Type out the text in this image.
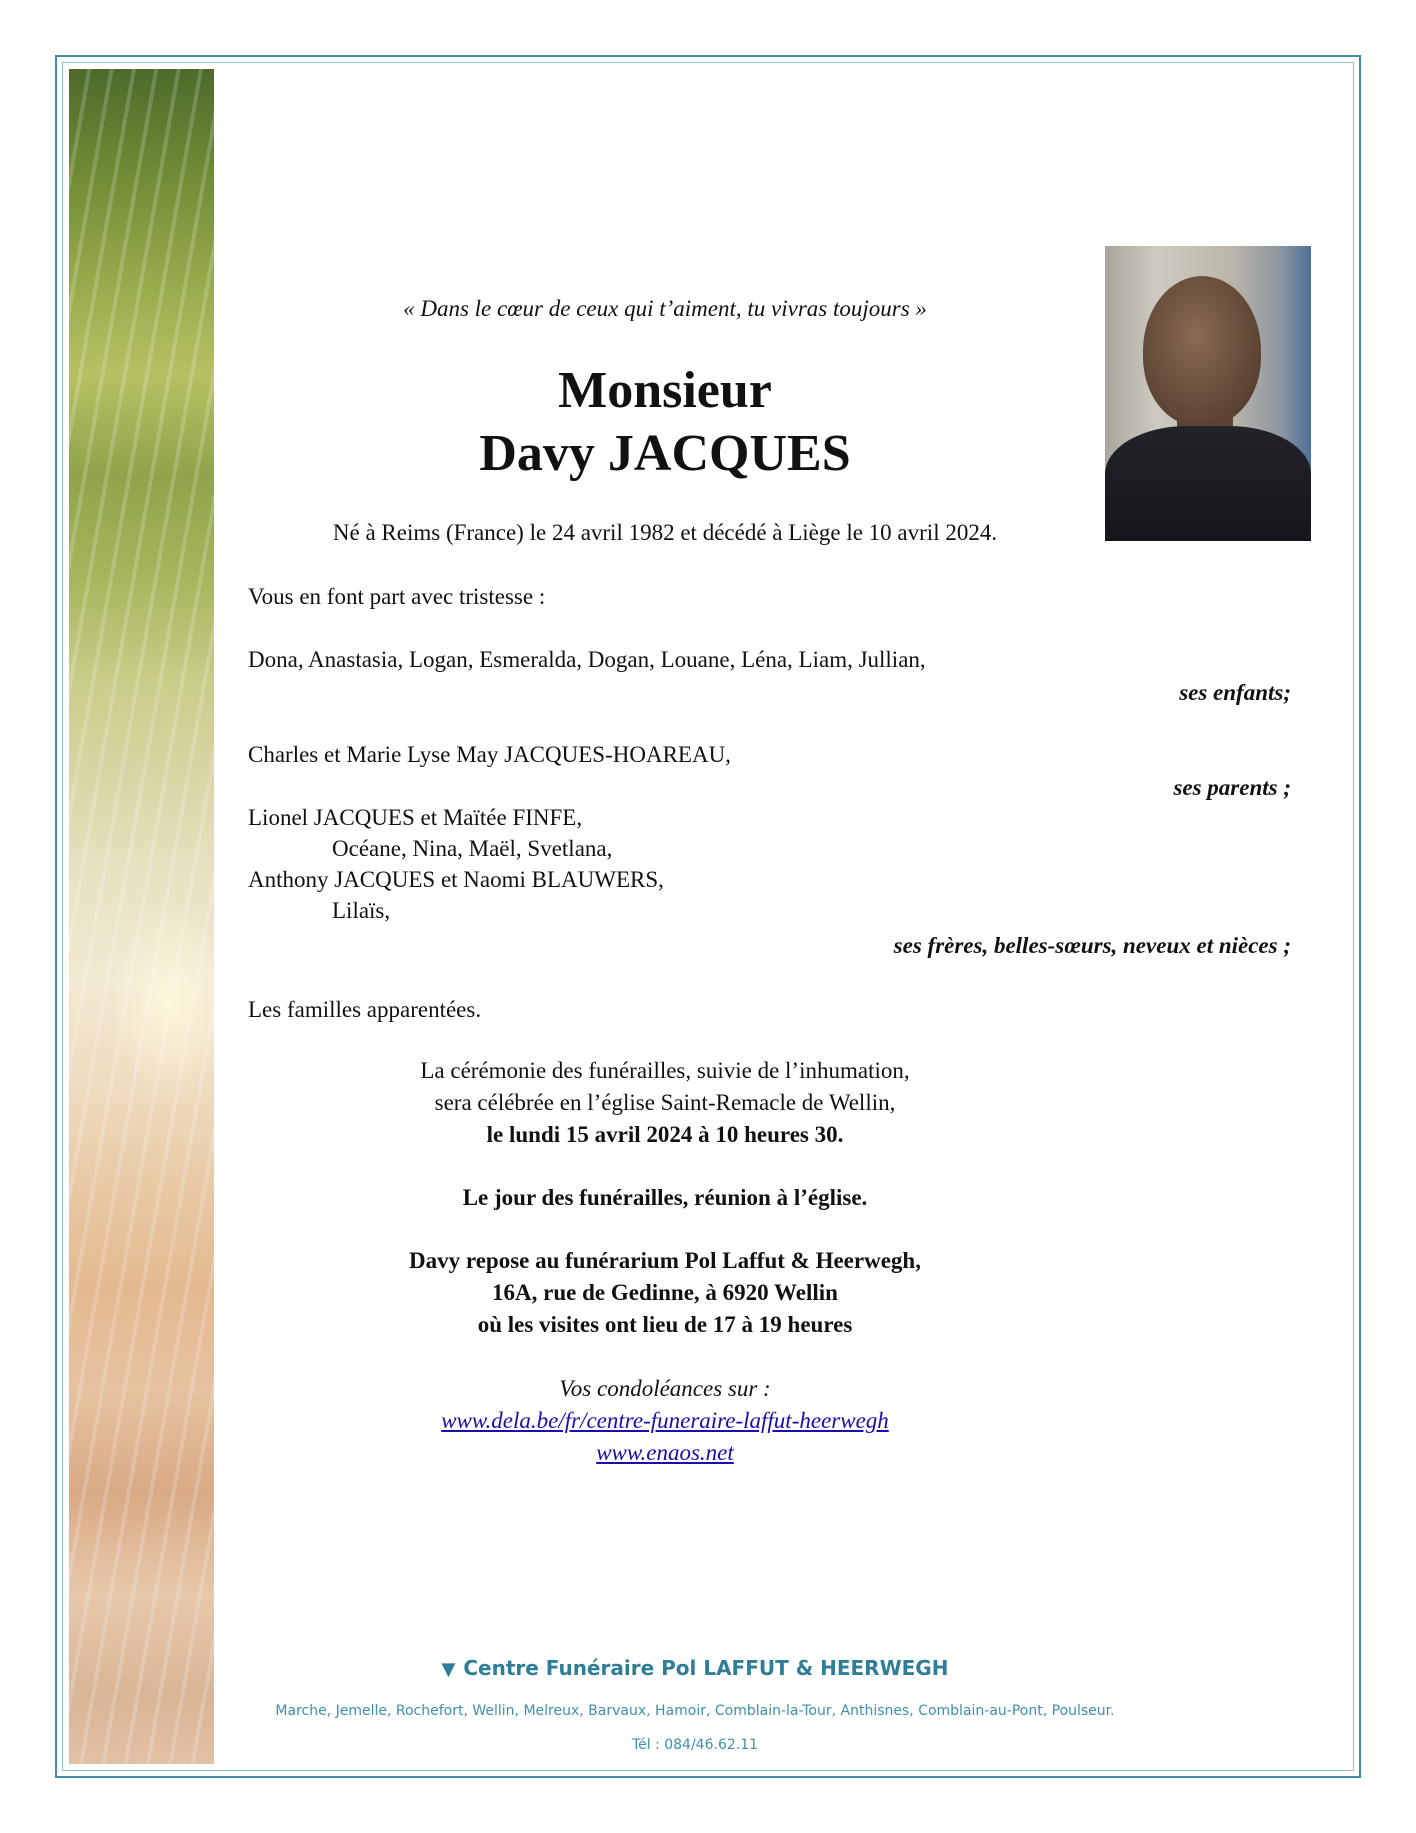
« Dans le cœur de ceux qui t’aiment, tu vivras toujours »
Monsieur
Davy JACQUES
Né à Reims (France) le 24 avril 1982 et décédé à Liège le 10 avril 2024.
Vous en font part avec tristesse :
Dona, Anastasia, Logan, Esmeralda, Dogan, Louane, Léna, Liam, Jullian,
ses enfants;
Charles et Marie Lyse May JACQUES-HOAREAU,
ses parents ;
Lionel JACQUES et Maïtée FINFE,
Océane, Nina, Maël, Svetlana,
Anthony JACQUES et Naomi BLAUWERS,
Lilaïs,
ses frères, belles-sœurs, neveux et nièces ;
Les familles apparentées.
La cérémonie des funérailles, suivie de l’inhumation,
sera célébrée en l’église Saint-Remacle de Wellin,
le lundi 15 avril 2024 à 10 heures 30.
Le jour des funérailles, réunion à l’église.
Davy repose au funérarium Pol Laffut & Heerwegh,
16A, rue de Gedinne, à 6920 Wellin
où les visites ont lieu de 17 à 19 heures
Vos condoléances sur :
www.dela.be/fr/centre-funeraire-laffut-heerwegh
www.enaos.net
▼ Centre Funéraire Pol LAFFUT & HEERWEGH
Marche, Jemelle, Rochefort, Wellin, Melreux, Barvaux, Hamoir, Comblain-la-Tour, Anthisnes, Comblain-au-Pont, Poulseur.
Tél : 084/46.62.11
